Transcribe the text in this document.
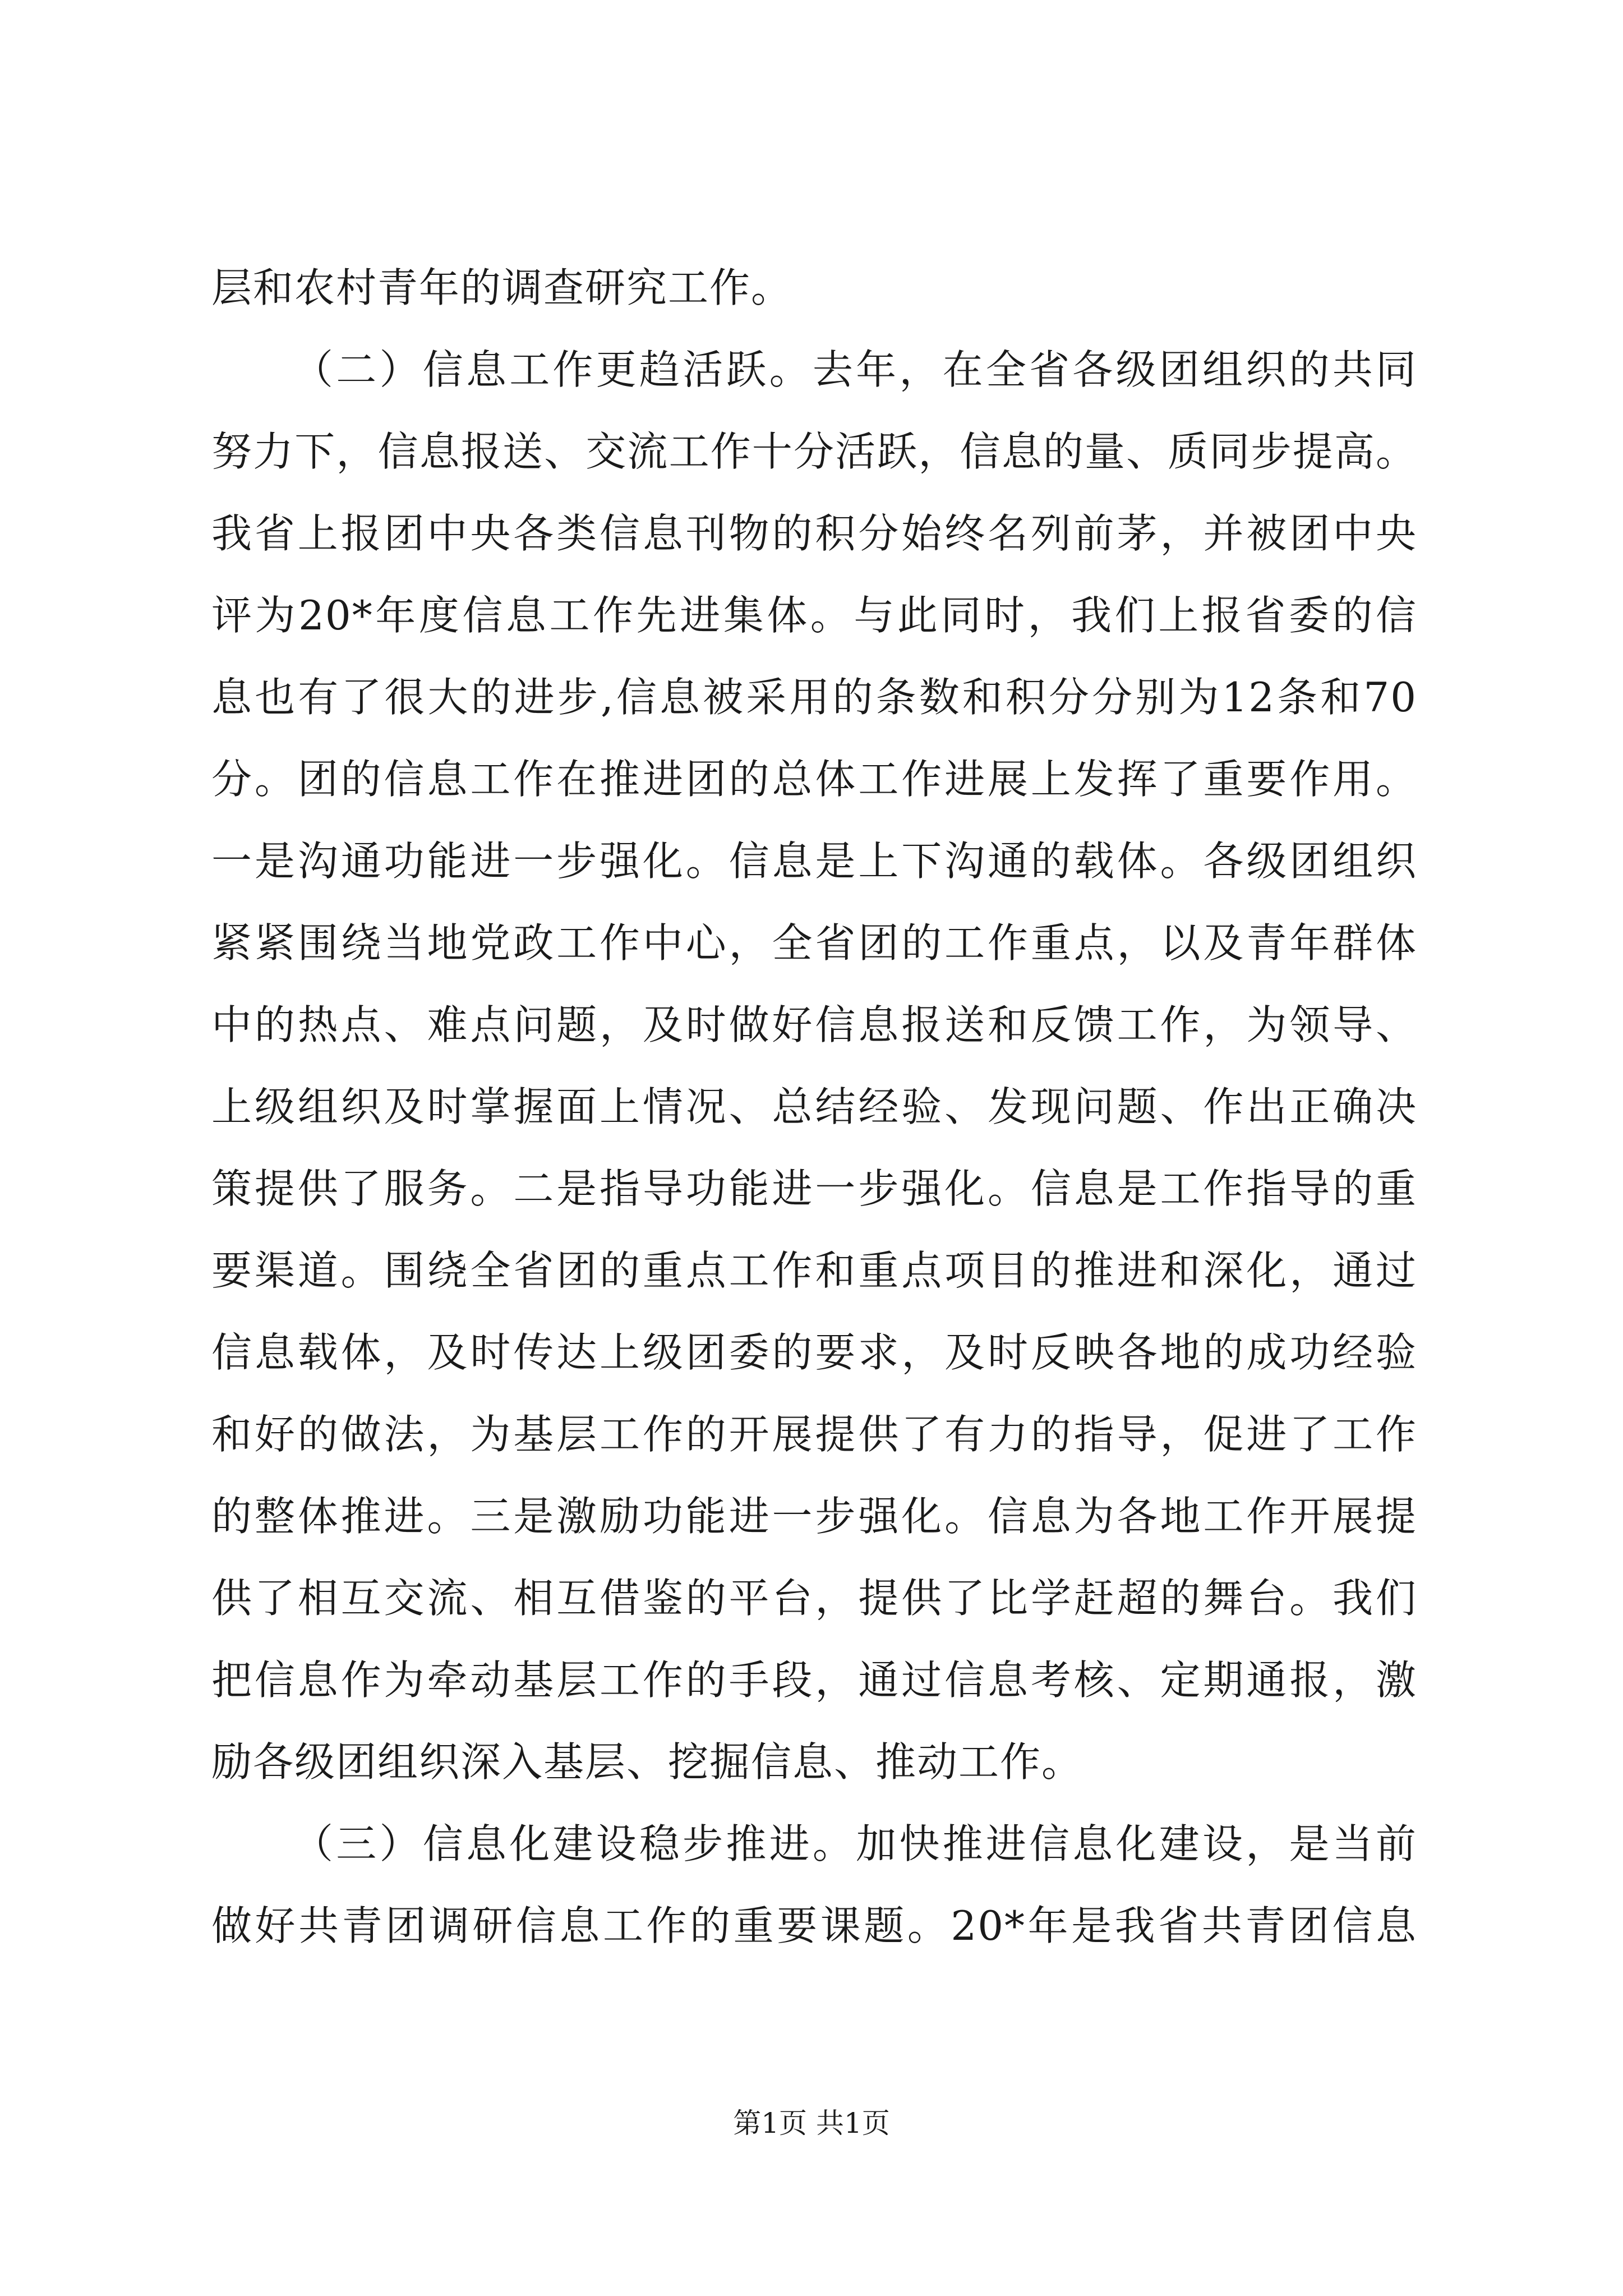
层和农村青年的调查研究工作。
（二）信息工作更趋活跃。去年，在全省各级团组织的共同
努力下，信息报送、交流工作十分活跃，信息的量、质同步提高。
我省上报团中央各类信息刊物的积分始终名列前茅，并被团中央
评为20*年度信息工作先进集体。与此同时，我们上报省委的信
息也有了很大的进步,信息被采用的条数和积分分别为12条和70
分。团的信息工作在推进团的总体工作进展上发挥了重要作用。
一是沟通功能进一步强化。信息是上下沟通的载体。各级团组织
紧紧围绕当地党政工作中心，全省团的工作重点，以及青年群体
中的热点、难点问题，及时做好信息报送和反馈工作，为领导、
上级组织及时掌握面上情况、总结经验、发现问题、作出正确决
策提供了服务。二是指导功能进一步强化。信息是工作指导的重
要渠道。围绕全省团的重点工作和重点项目的推进和深化，通过
信息载体，及时传达上级团委的要求，及时反映各地的成功经验
和好的做法，为基层工作的开展提供了有力的指导，促进了工作
的整体推进。三是激励功能进一步强化。信息为各地工作开展提
供了相互交流、相互借鉴的平台，提供了比学赶超的舞台。我们
把信息作为牵动基层工作的手段，通过信息考核、定期通报，激
励各级团组织深入基层、挖掘信息、推动工作。
（三）信息化建设稳步推进。加快推进信息化建设，是当前
做好共青团调研信息工作的重要课题。20*年是我省共青团信息
第1页 共1页
